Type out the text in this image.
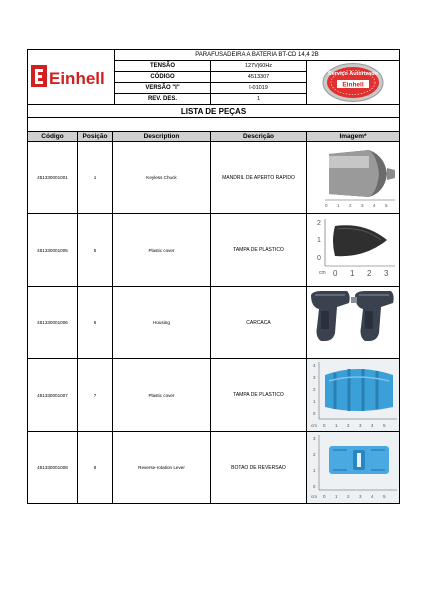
Einhell
PARAFUSADEIRA A BATERIA BT-CD 14,4 2B
TENSÃO	127V|60Hz
CÓDIGO	4513307
VERSÃO "I"	I-01019
REV. DES.	1
Serviço Autorizado
Einhell
LISTA DE PEÇAS
Código	Posição	Description	Descrição	Imagem*
451330001001	1	Keyless Chuck	MANDRIL DE APERTO RAPIDO
0 1 2 3 4 5
451330001005	5	Plastic cover	TAMPA DE PLASTICO
2
1
0
cm 0 1 2 3
451330001006	6	Housing	CARCACA
451330001007	7	Plastic cover	TAMPA DE PLASTICO
4
3
2
1
0
cm 0 1 2 3 4 5
451330001008	8	Reverse-rotation Lever	BOTAO DE REVERSAO
3
2
1
0
cm 0 1 2 3 4 5
